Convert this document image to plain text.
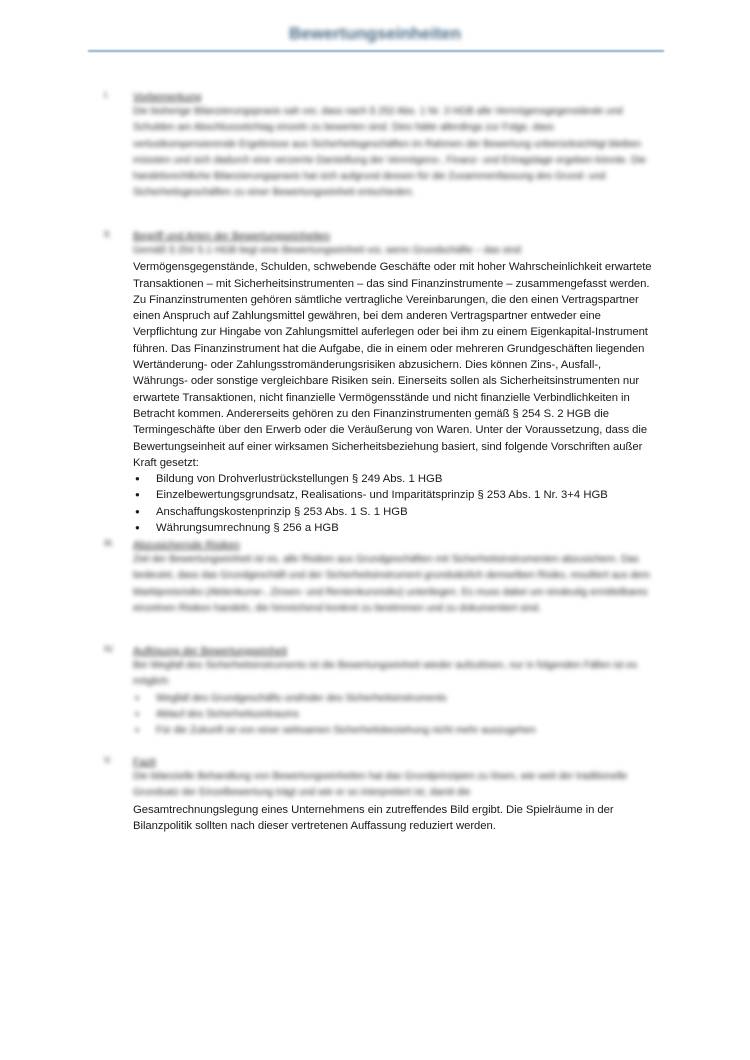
Bewertungseinheiten
I. Vorbemerkung
Die bisherige Bilanzierungspraxis sah vor, dass nach § 252 Abs. 1 Nr. 3 HGB alle Vermögensgegenstände und Schulden am Abschlussstichtag einzeln zu bewerten sind. Dies hätte allerdings zur Folge, dass verlustkompensierende Ergebnisse aus Sicherheitsgeschäften im Rahmen der Bewertung unberücksichtigt bleiben müssten und sich dadurch eine verzerrte Darstellung der Vermögens-, Finanz- und Ertragslage ergeben könnte. Die handelsrechtliche Bilanzierungspraxis hat sich aufgrund dessen für die Zusammenfassung des Grund- und Sicherheitsgeschäften zu einer Bewertungseinheit entschieden.
II. Begriff und Arten der Bewertungseinheiten
Gemäß § 254 S.1 HGB liegt eine Bewertungseinheit vor, wenn Grundschäfte – das sind
Vermögensgegenstände, Schulden, schwebende Geschäfte oder mit hoher Wahrscheinlichkeit erwartete Transaktionen – mit Sicherheitsinstrumenten – das sind Finanzinstrumente – zusammengefasst werden. Zu Finanzinstrumenten gehören sämtliche vertragliche Vereinbarungen, die den einen Vertragspartner einen Anspruch auf Zahlungsmittel gewähren, bei dem anderen Vertragspartner entweder eine Verpflichtung zur Hingabe von Zahlungsmittel auferlegen oder bei ihm zu einem Eigenkapital-Instrument führen. Das Finanzinstrument hat die Aufgabe, die in einem oder mehreren Grundgeschäften liegenden Wertänderung- oder Zahlungsstromänderungsrisiken abzusichern. Dies können Zins-, Ausfall-, Währungs- oder sonstige vergleichbare Risiken sein. Einerseits sollen als Sicherheitsinstrumenten nur erwartete Transaktionen, nicht finanzielle Vermögensstände und nicht finanzielle Verbindlichkeiten in Betracht kommen. Andererseits gehören zu den Finanzinstrumenten gemäß § 254 S. 2 HGB die Termingeschäfte über den Erwerb oder die Veräußerung von Waren. Unter der Voraussetzung, dass die Bewertungseinheit auf einer wirksamen Sicherheitsbeziehung basiert, sind folgende Vorschriften außer Kraft gesetzt:
● Bildung von Drohverlustrückstellungen § 249 Abs. 1 HGB
● Einzelbewertungsgrundsatz, Realisations- und Imparitätsprinzip § 253 Abs. 1 Nr. 3+4 HGB
● Anschaffungskostenprinzip § 253 Abs. 1 S. 1 HGB
● Währungsumrechnung § 256 a HGB
III. Abzusichernde Risiken
Ziel der Bewertungseinheit ist es, alle Risiken aus Grundgeschäften mit Sicherheitsinstrumenten abzusichern. Das bedeutet, dass das Grundgeschäft und der Sicherheitsinstrument grundsätzlich demselben Risiko, resultiert aus dem Marktpreisrisiko (Aktienkurse-, Zinsen- und Rentenkursrisiko) unterliegen. Es muss dabei um eindeutig ermittelbares einzelnen Risiken handeln, die hinreichend konkret zu bestimmen und zu dokumentiert sind.
IV. Auflösung der Bewertungseinheit
Bei Wegfall des Sicherheitsinstruments ist die Bewertungseinheit wieder aufzulösen, nur in folgenden Fällen ist es möglich:
● Wegfall des Grundgeschäfts und/oder des Sicherheitsinstruments
● Ablauf des Sicherheitszeitraums
● Für die Zukunft ist von einer wirksamen Sicherheitsbeziehung nicht mehr auszugehen
V. Fazit
Die bilanzielle Behandlung von Bewertungseinheiten hat das Grundprinzipien zu lösen, wie weit der traditionelle Grundsatz der Einzelbewertung trägt und wie er so interpretiert ist, damit die
Gesamtrechnungslegung eines Unternehmens ein zutreffendes Bild ergibt. Die Spielräume in der Bilanzpolitik sollten nach dieser vertretenen Auffassung reduziert werden.
